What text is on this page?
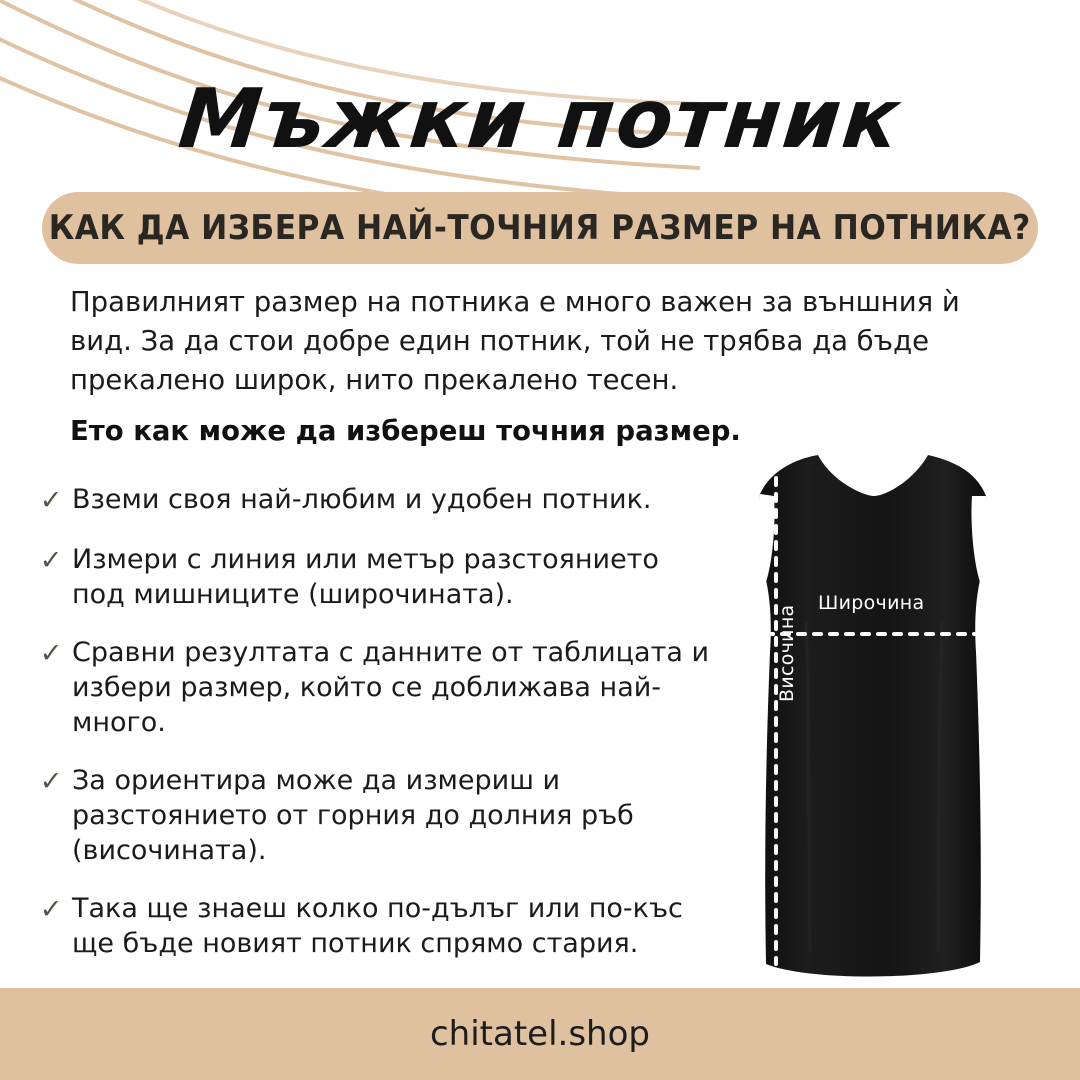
Мъжки потник
КАК ДА ИЗБЕРА НАЙ-ТОЧНИЯ РАЗМЕР НА ПОТНИКА?
Правилният размер на потника е много важен за външния ѝ вид. За да стои добре един потник, той не трябва да бъде прекалено широк, нито прекалено тесен.
Ето как може да избереш точния размер.
✓ Вземи своя най-любим и удобен потник.
✓ Измери с линия или метър разстоянието под мишниците (широчината).
✓ Сравни резултата с данните от таблицата и избери размер, който се доближава най-много.
✓ За ориентира може да измериш и разстоянието от горния до долния ръб (височината).
✓ Така ще знаеш колко по-дълъг или по-къс ще бъде новият потник спрямо стария.
Широчина
Височина
chitatel.shop
